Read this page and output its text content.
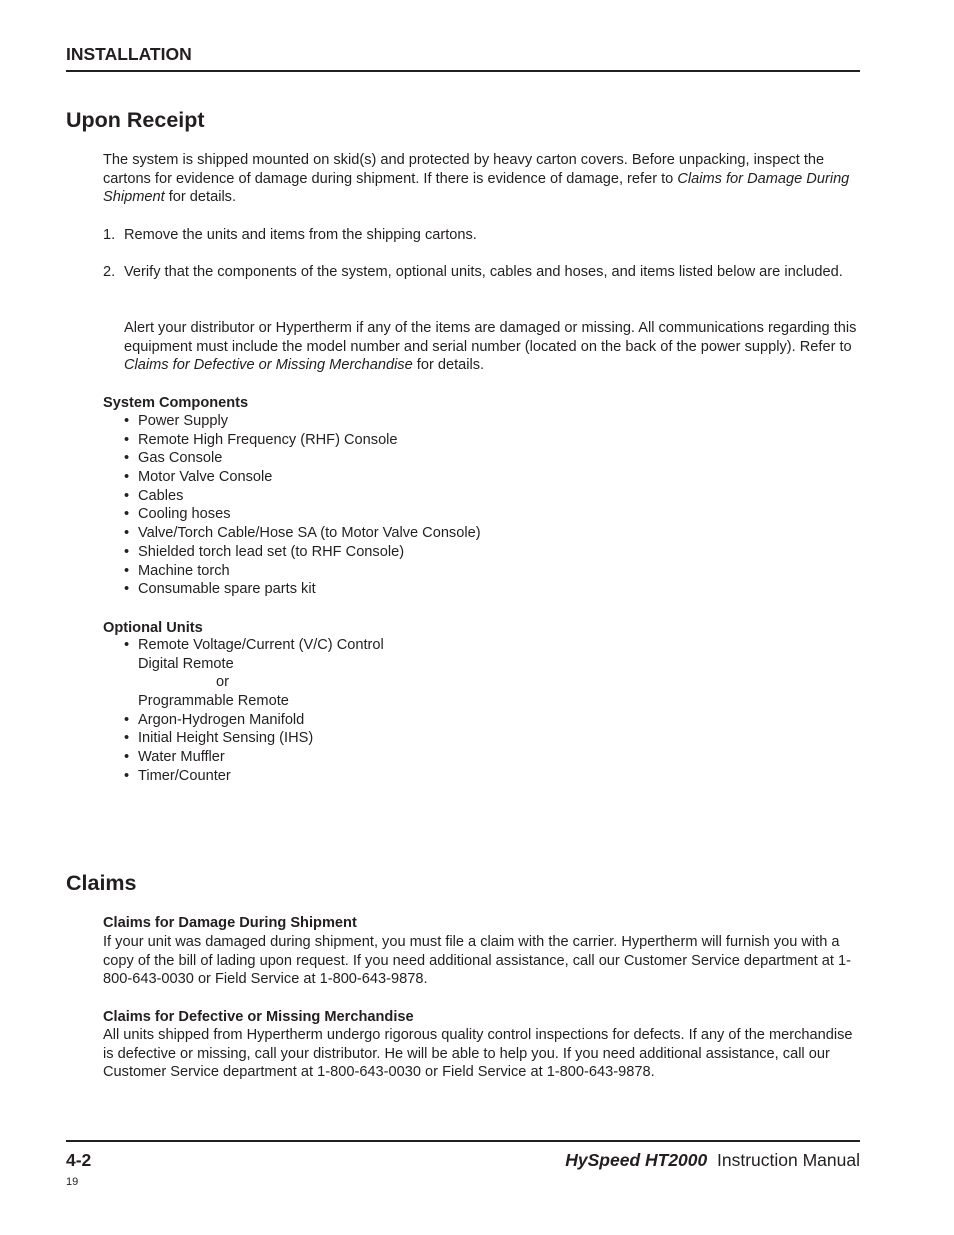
INSTALLATION
Upon Receipt
The system is shipped mounted on skid(s) and protected by heavy carton covers. Before unpacking, inspect the cartons for evidence of damage during shipment. If there is evidence of damage, refer to Claims for Damage During Shipment for details.
1. Remove the units and items from the shipping cartons.
2. Verify that the components of the system, optional units, cables and hoses, and items listed below are included.
Alert your distributor or Hypertherm if any of the items are damaged or missing. All communications regarding this equipment must include the model number and serial number (located on the back of the power supply). Refer to Claims for Defective or Missing Merchandise for details.
System Components
• Power Supply
• Remote High Frequency (RHF) Console
• Gas Console
• Motor Valve Console
• Cables
• Cooling hoses
• Valve/Torch Cable/Hose SA (to Motor Valve Console)
• Shielded torch lead set (to RHF Console)
• Machine torch
• Consumable spare parts kit
Optional Units
• Remote Voltage/Current (V/C) Control
Digital Remote
or
Programmable Remote
• Argon-Hydrogen Manifold
• Initial Height Sensing (IHS)
• Water Muffler
• Timer/Counter
Claims
Claims for Damage During Shipment
If your unit was damaged during shipment, you must file a claim with the carrier. Hypertherm will furnish you with a copy of the bill of lading upon request. If you need additional assistance, call our Customer Service department at 1-800-643-0030 or Field Service at 1-800-643-9878.
Claims for Defective or Missing Merchandise
All units shipped from Hypertherm undergo rigorous quality control inspections for defects. If any of the merchandise is defective or missing, call your distributor. He will be able to help you. If you need additional assistance, call our Customer Service department at 1-800-643-0030 or Field Service at 1-800-643-9878.
4-2	HySpeed HT2000 Instruction Manual
19
